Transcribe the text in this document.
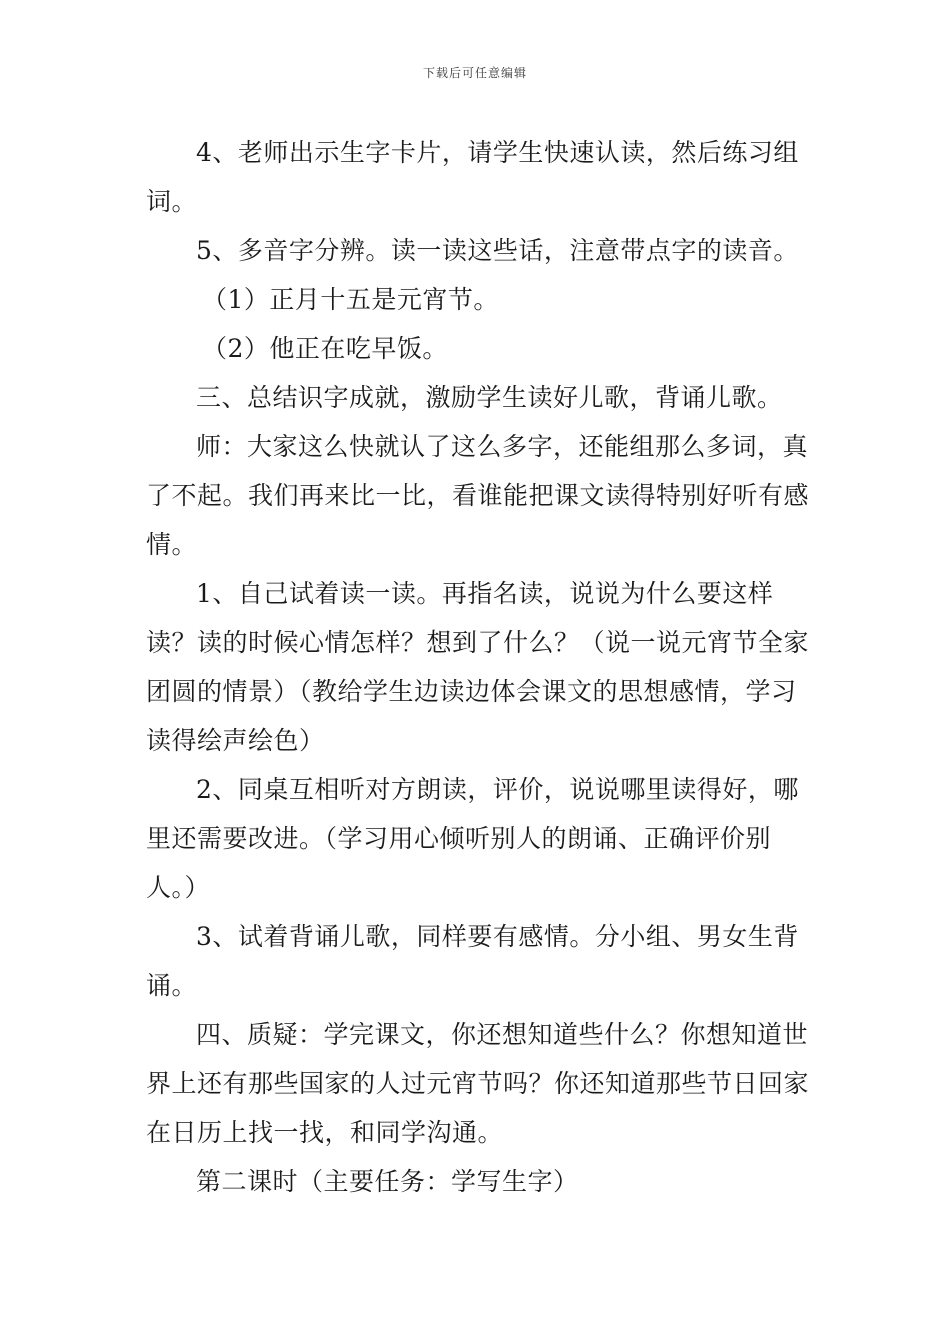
下载后可任意编辑

4、老师出示生字卡片，请学生快速认读，然后练习组词。

5、多音字分辨。读一读这些话，注意带点字的读音。

（1）正月十五是元宵节。

（2）他正在吃早饭。

三、总结识字成就，激励学生读好儿歌，背诵儿歌。

师：大家这么快就认了这么多字，还能组那么多词，真了不起。我们再来比一比，看谁能把课文读得特别好听有感情。

1、自己试着读一读。再指名读，说说为什么要这样读？读的时候心情怎样？想到了什么？（说一说元宵节全家团圆的情景）（教给学生边读边体会课文的思想感情，学习读得绘声绘色）

2、同桌互相听对方朗读，评价，说说哪里读得好，哪里还需要改进。（学习用心倾听别人的朗诵、正确评价别人。）

3、试着背诵儿歌，同样要有感情。分小组、男女生背诵。

四、质疑：学完课文，你还想知道些什么？你想知道世界上还有那些国家的人过元宵节吗？你还知道那些节日回家在日历上找一找，和同学沟通。

第二课时（主要任务：学写生字）
